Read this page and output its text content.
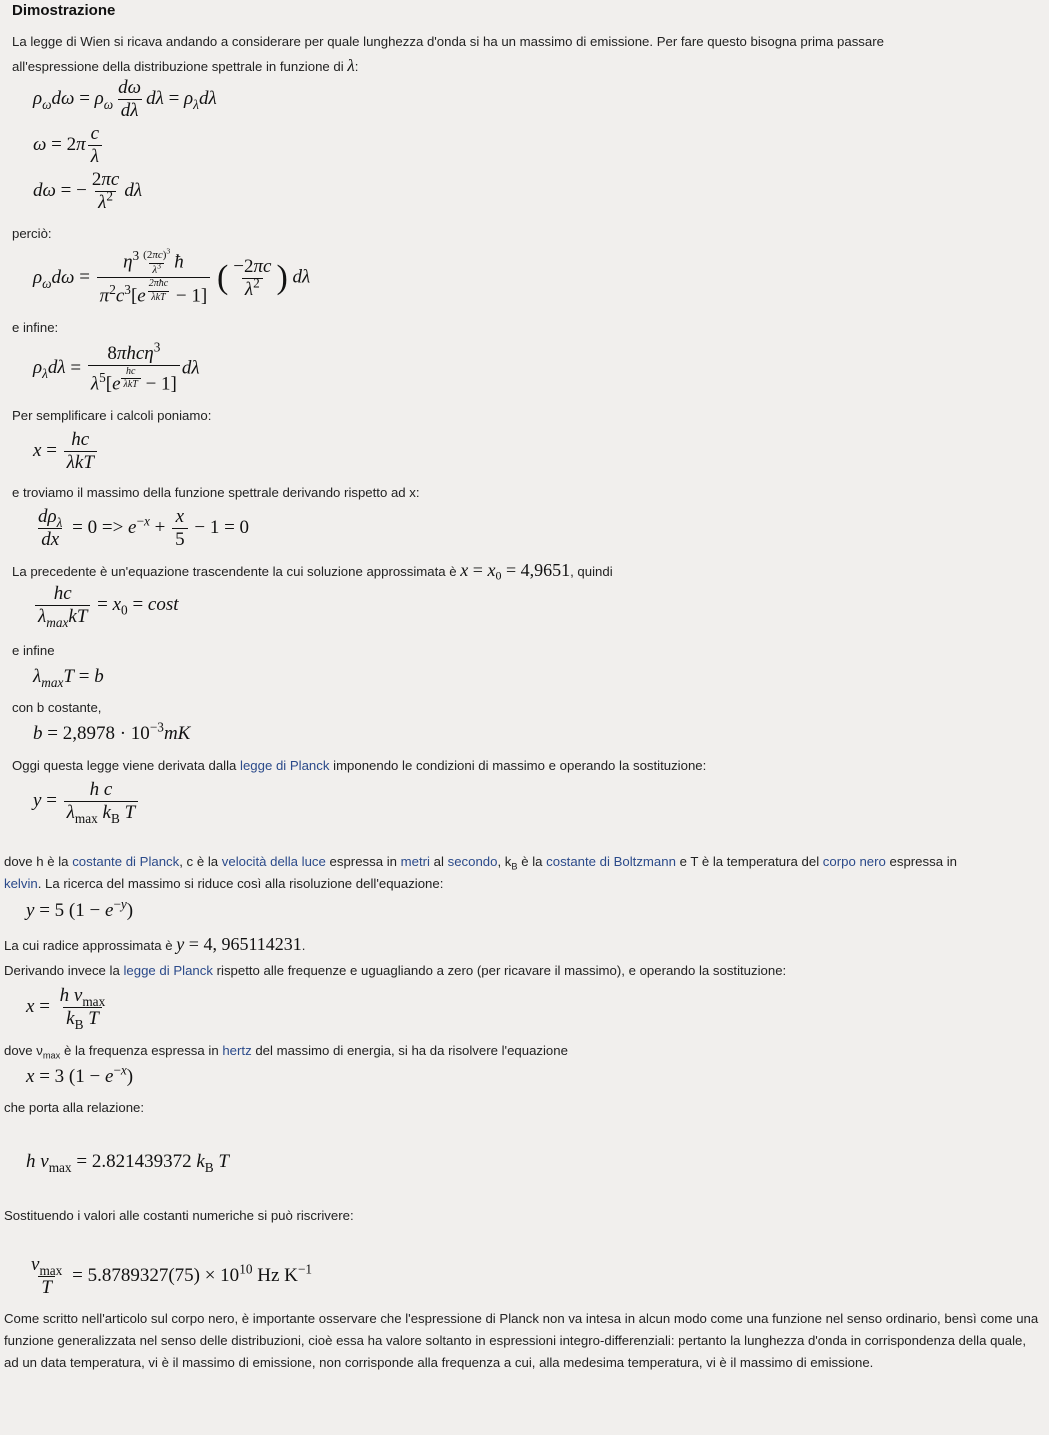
Dimostrazione
La legge di Wien si ricava andando a considerare per quale lunghezza d'onda si ha un massimo di emissione. Per fare questo bisogna prima passare
all'espressione della distribuzione spettrale in funzione di λ:
$\rho_\omega d\omega = \rho_\omega \frac{d\omega}{d\lambda}$ $d\lambda = \rho_\lambda d\lambda$
$\omega = 2\pi \frac{c}{\lambda}$
dω = − $\frac{2\pi c}{\lambda^2}$ dλ
perciò:
$\rho_\omega d\omega = \eta^3 \frac{(2\pi c)^3}{\lambda^3}$ ħ
$\pi^2c^3[e$ $^{\frac{\text{2πħc}}{\text{λkT}}}$ − 1] ( $\frac{-2\pi c}{\lambda^2}$ ) dλ
e infine:
$\rho_\lambda d\lambda = 8\pi hc\eta^3$
$\lambda^5[e$ $^{\frac{hc}{\text{λkT}}}$ − 1] dλ
Per semplificare i calcoli poniamo:
$x = \frac{hc}{\text{λkT}}$
e troviamo il massimo della funzione spettrale derivando rispetto ad x:
$\frac{d\rho_\lambda}{dx} = 0 => e^{-x} + \frac{x}{5} - 1 = 0$
La precedente è un'equazione trascendente la cui soluzione approssimata è $x = x_0 = 4,9651$, quindi
$\frac{hc}{\lambda_{max}kT} = x_0 = \cos t$
e infine
$\lambda_{max}T = b$
con b costante,
$b = 2,8978 \cdot 10^{-3}mK$
Oggi questa legge viene derivata dalla legge di Planck imponendo le condizioni di massimo e operando la sostituzione:
$y = \frac{\text{h c}}{\lambda_{max} k_B T}$
dove h è la costante di Planck, c è la velocità della luce espressa in metri al secondo, $k_B$ è la costante di Boltzmann e T è la temperatura del corpo nero espressa in
kelvin. La ricerca del massimo si riduce così alla risoluzione dell'equazione:
y = 5 $(1 - e^{-y})$
La cui radice approssimata è y = 4, 965114231.
Derivando invece la legge di Planck rispetto alle frequenze e uguagliando a zero (per ricavare il massimo), e operando la sostituzione:
$x = \frac{h \nu_{max}}{k_B T}$
dove $\nu_{max}$ è la frequenza espressa in hertz del massimo di energia, si ha da risolvere l'equazione
x = 3 $(1 - e^{-x})$
che porta alla relazione:
h $\nu_{max} = 2.821439372$ $k_B$ T
Sostituendo i valori alle costanti numeriche si può riscrivere:
$\frac{\nu_{max}}{T} = 5.8789327(75) \times 10^{10}$ Hz $K^{-1}$
Come scritto nell'articolo sul corpo nero, è importante osservare che l'espressione di Planck non va intesa in alcun modo come una funzione nel senso ordinario, bensì come una funzione generalizzata nel senso delle distribuzioni, cioè essa ha valore soltanto in espressioni integro-differenziali: pertanto la lunghezza d'onda in corrispondenza della quale, ad un data temperatura, vi è il massimo di emissione, non corrisponde alla frequenza a cui, alla medesima temperatura, vi è il massimo di emissione.
